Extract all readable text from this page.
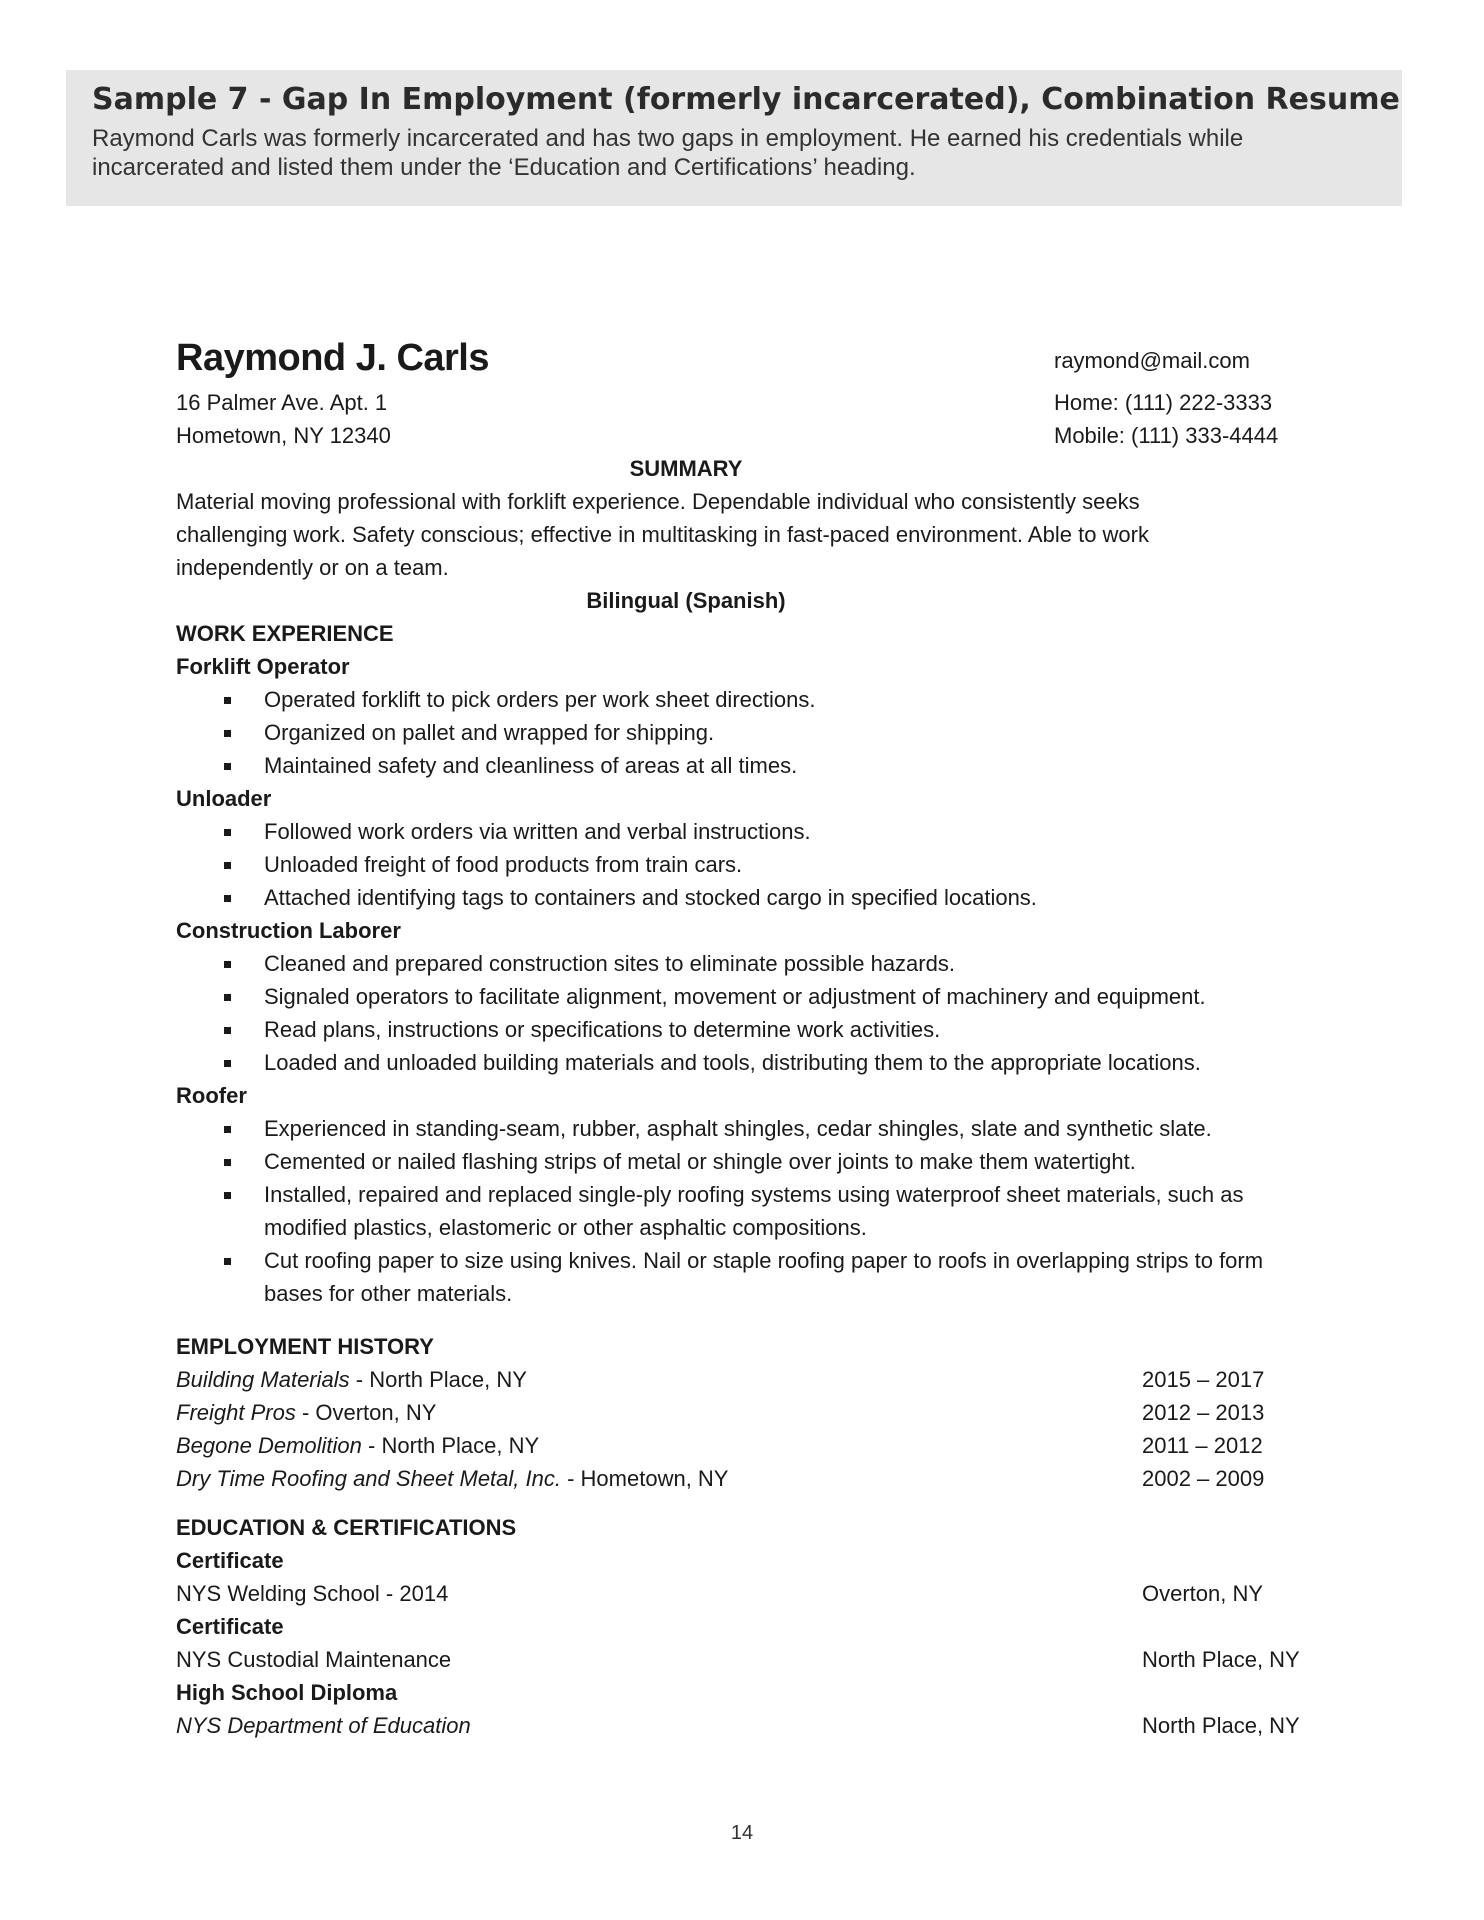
Sample 7 - Gap In Employment (formerly incarcerated), Combination Resume

Raymond Carls was formerly incarcerated and has two gaps in employment. He earned his credentials while incarcerated and listed them under the ‘Education and Certifications’ heading.

Raymond J. Carls	raymond@mail.com
16 Palmer Ave. Apt. 1	Home: (111) 222-3333
Hometown, NY 12340	Mobile: (111) 333-4444
SUMMARY

Material moving professional with forklift experience. Dependable individual who consistently seeks challenging work. Safety conscious; effective in multitasking in fast-paced environment. Able to work independently or on a team.

Bilingual (Spanish)
WORK EXPERIENCE
Forklift Operator
Operated forklift to pick orders per work sheet directions.
Organized on pallet and wrapped for shipping.
Maintained safety and cleanliness of areas at all times.
Unloader
Followed work orders via written and verbal instructions.
Unloaded freight of food products from train cars.
Attached identifying tags to containers and stocked cargo in specified locations.
Construction Laborer
Cleaned and prepared construction sites to eliminate possible hazards.
Signaled operators to facilitate alignment, movement or adjustment of machinery and equipment.
Read plans, instructions or specifications to determine work activities.
Loaded and unloaded building materials and tools, distributing them to the appropriate locations.
Roofer
Experienced in standing-seam, rubber, asphalt shingles, cedar shingles, slate and synthetic slate.
Cemented or nailed flashing strips of metal or shingle over joints to make them watertight.
Installed, repaired and replaced single-ply roofing systems using waterproof sheet materials, such as modified plastics, elastomeric or other asphaltic compositions.
Cut roofing paper to size using knives. Nail or staple roofing paper to roofs in overlapping strips to form bases for other materials.
EMPLOYMENT HISTORY
Building Materials - North Place, NY	2015 – 2017
Freight Pros - Overton, NY	2012 – 2013
Begone Demolition - North Place, NY	2011 – 2012
Dry Time Roofing and Sheet Metal, Inc. - Hometown, NY	2002 – 2009
EDUCATION & CERTIFICATIONS
Certificate
NYS Welding School - 2014	Overton, NY
Certificate
NYS Custodial Maintenance	North Place, NY
High School Diploma
NYS Department of Education	North Place, NY
14
